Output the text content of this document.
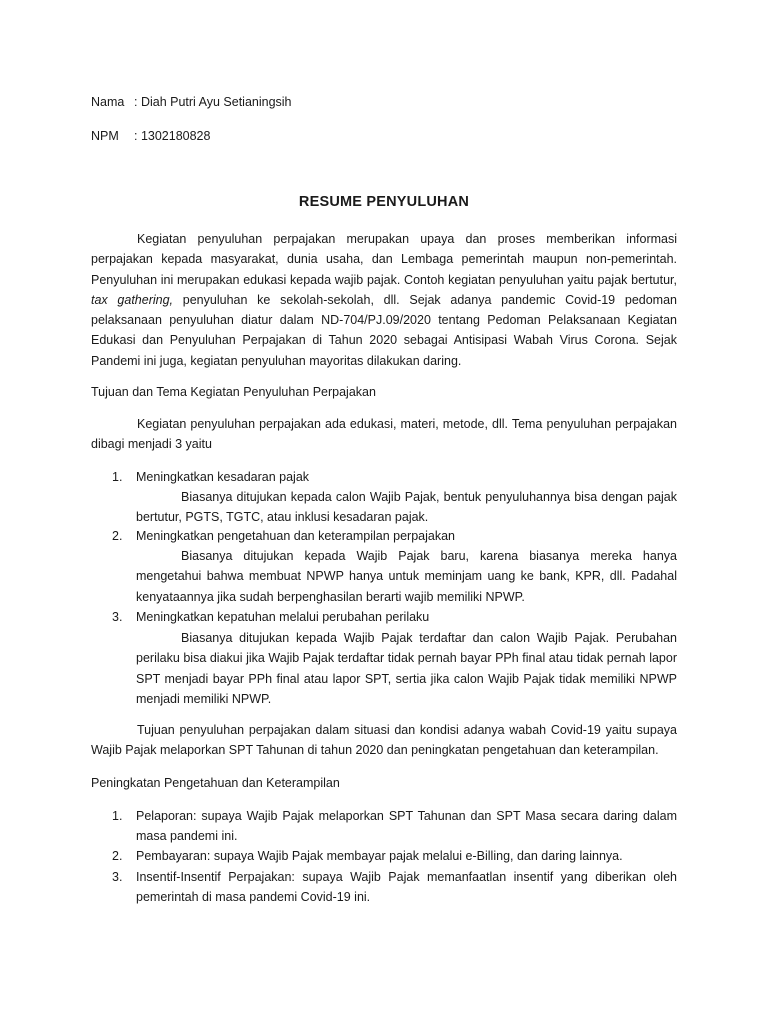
Nama : Diah Putri Ayu Setianingsih
NPM : 1302180828
RESUME PENYULUHAN

Kegiatan penyuluhan perpajakan merupakan upaya dan proses memberikan informasi perpajakan kepada masyarakat, dunia usaha, dan Lembaga pemerintah maupun non-pemerintah. Penyuluhan ini merupakan edukasi kepada wajib pajak. Contoh kegiatan penyuluhan yaitu pajak bertutur, tax gathering, penyuluhan ke sekolah-sekolah, dll. Sejak adanya pandemic Covid-19 pedoman pelaksanaan penyuluhan diatur dalam ND-704/PJ.09/2020 tentang Pedoman Pelaksanaan Kegiatan Edukasi dan Penyuluhan Perpajakan di Tahun 2020 sebagai Antisipasi Wabah Virus Corona. Sejak Pandemi ini juga, kegiatan penyuluhan mayoritas dilakukan daring.

Tujuan dan Tema Kegiatan Penyuluhan Perpajakan

Kegiatan penyuluhan perpajakan ada edukasi, materi, metode, dll. Tema penyuluhan perpajakan dibagi menjadi 3 yaitu

1. Meningkatkan kesadaran pajak

Biasanya ditujukan kepada calon Wajib Pajak, bentuk penyuluhannya bisa dengan pajak bertutur, PGTS, TGTC, atau inklusi kesadaran pajak.

2. Meningkatkan pengetahuan dan keterampilan perpajakan

Biasanya ditujukan kepada Wajib Pajak baru, karena biasanya mereka hanya mengetahui bahwa membuat NPWP hanya untuk meminjam uang ke bank, KPR, dll. Padahal kenyataannya jika sudah berpenghasilan berarti wajib memiliki NPWP.

3. Meningkatkan kepatuhan melalui perubahan perilaku

Biasanya ditujukan kepada Wajib Pajak terdaftar dan calon Wajib Pajak. Perubahan perilaku bisa diakui jika Wajib Pajak terdaftar tidak pernah bayar PPh final atau tidak pernah lapor SPT menjadi bayar PPh final atau lapor SPT, sertia jika calon Wajib Pajak tidak memiliki NPWP menjadi memiliki NPWP.

Tujuan penyuluhan perpajakan dalam situasi dan kondisi adanya wabah Covid-19 yaitu supaya Wajib Pajak melaporkan SPT Tahunan di tahun 2020 dan peningkatan pengetahuan dan keterampilan.

Peningkatan Pengetahuan dan Keterampilan
1. Pelaporan: supaya Wajib Pajak melaporkan SPT Tahunan dan SPT Masa secara daring dalam masa pandemi ini.

2. Pembayaran: supaya Wajib Pajak membayar pajak melalui e-Billing, dan daring lainnya.

3. Insentif-Insentif Perpajakan: supaya Wajib Pajak memanfaatlan insentif yang diberikan oleh pemerintah di masa pandemi Covid-19 ini.
